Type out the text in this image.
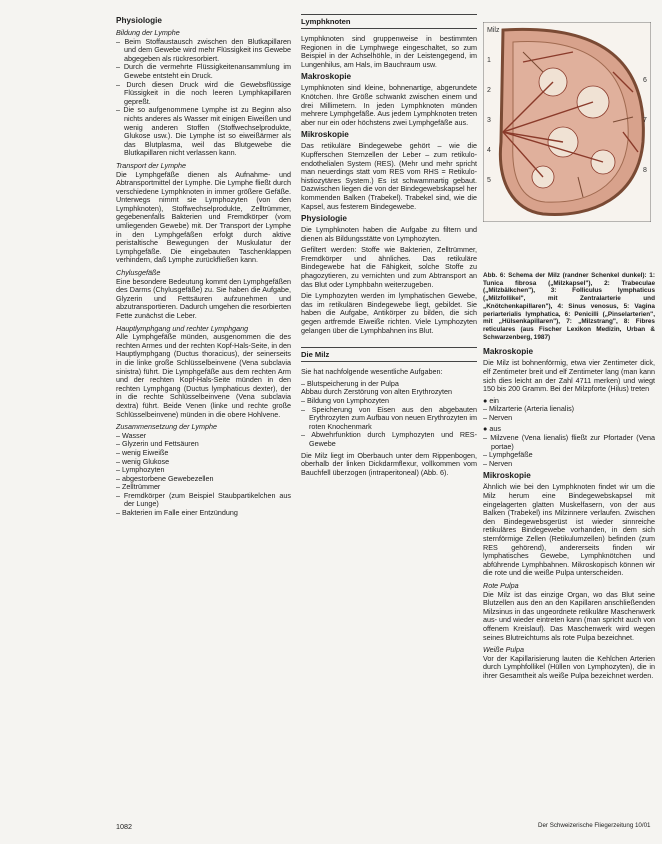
Physiologie
Bildung der Lymphe
– Beim Stoffaustausch zwischen den Blutkapillaren und dem Gewebe wird mehr Flüssigkeit ins Gewebe abgegeben als rückresorbiert.
– Durch die vermehrte Flüssigkeitenansammlung im Gewebe entsteht ein Druck.
– Durch diesen Druck wird die Gewebsflüssige Flüssigkeit in die noch leeren Lymphkapillaren gepreßt.
– Die so aufgenommene Lymphe ist zu Beginn also nichts anderes als Wasser mit einigen Eiweißen und wenig anderen Stoffen (Stoffwechselprodukte, Glukose usw.). Die Lymphe ist so eiweißärmer als das Blutplasma, weil das Blutgewebe die Blutkapillaren nicht verlassen kann.
Transport der Lymphe

Die Lymphgefäße dienen als Aufnahme- und Abtransportmittel der Lymphe. Die Lymphe fließt durch verschiedene Lymphknoten in immer größere Gefäße. Unterwegs nimmt sie Lymphozyten (von den Lymphknoten), Stoffwechselprodukte, Zelltrümmer, gegebenenfalls Bakterien und Fremdkörper (vom umliegenden Gewebe) mit. Der Transport der Lymphe in den Lymphgefäßen erfolgt durch aktive peristaltische Bewegungen der Muskulatur der Lymphgefäße. Die eingebauten Taschenklappen verhindern, daß Lymphe zurückfließen kann.

Chylusgefäße

Eine besondere Bedeutung kommt den Lymphgefäßen des Darms (Chylusgefäße) zu. Sie haben die Aufgabe, Glyzerin und Fettsäuren aufzunehmen und abzutransportieren. Dadurch umgehen die resorbierten Fette zunächst die Leber.

Hauptlymphgang und rechter Lymphgang

Alle Lymphgefäße münden, ausgenommen die des rechten Armes und der rechten Kopf-Hals-Seite, in den Hauptlymphgang (Ductus thoracicus), der seinerseits in die linke große Schlüsselbeinvene (Vena subclavia sinistra) führt. Die Lymphgefäße aus dem rechten Arm und der rechten Kopf-Hals-Seite münden in den rechten Lymphgang (Ductus lymphaticus dexter), der in die rechte Schlüsselbeinvene (Vena subclavia dextra) führt. Beide Venen (linke und rechte große Schlüsselbeinvene) münden in die obere Hohlvene.

Zusammensetzung der Lymphe
– Wasser
– Glyzerin und Fettsäuren
– wenig Eiweiße
– wenig Glukose
– Lymphozyten
– abgestorbene Gewebezellen
– Zelltrümmer
– Fremdkörper (zum Beispiel Staubpartikelchen aus der Lunge)
– Bakterien im Falle einer Entzündung
Lymphknoten

Lymphknoten sind gruppenweise in bestimmten Regionen in die Lymphwege eingeschaltet, so zum Beispiel in der Achselhöhle, in der Leistengegend, im Lungenhilus, am Hals, im Bauchraum usw.

Makroskopie

Lymphknoten sind kleine, bohnenartige, abgerundete Knötchen. Ihre Größe schwankt zwischen einem und drei Millimetern. In jeden Lymphknoten münden mehrere Lymphgefäße. Aus jedem Lymphknoten treten aber nur ein oder höchstens zwei Lymphgefäße aus.

Mikroskopie

Das retikuläre Bindegewebe gehört – wie die Kupfferschen Sternzellen der Leber – zum retikulo-endothelialen System (RES). (Mehr und mehr spricht man neuerdings statt vom RES vom RHS = Retikulo-histiozytäres System.) Es ist schwammartig gebaut. Dazwischen liegen die von der Bindegewebskapsel her kommenden Balken (Trabekel). Trabekel sind, wie die Kapsel, aus festerem Bindegewebe.

Physiologie

Die Lymphknoten haben die Aufgabe zu filtern und dienen als Bildungsstätte von Lymphozyten.

Gefiltert werden: Stoffe wie Bakterien, Zelltrümmer, Fremdkörper und ähnliches. Das retikuläre Bindegewebe hat die Fähigkeit, solche Stoffe zu phagozytieren, zu vernichten und zum Abtransport an das Blut oder Lymphbahn weiterzugeben.

Die Lymphozyten werden im lymphatischen Gewebe, das im retikulären Bindegewebe liegt, gebildet. Sie haben die Aufgabe, Antikörper zu bilden, die sich gegen artfremde Eiweiße richten. Viele Lymphozyten gelangen über die Lymphbahnen ins Blut.

Die Milz

Sie hat nachfolgende wesentliche Aufgaben:

– Blutspeicherung in der Pulpa
Abbau durch Zerstörung von alten Erythrozyten
– Bildung von Lymphozyten
– Speicherung von Eisen aus den abgebauten Erythrozyten zum Aufbau von neuen Erythrozyten im roten Knochenmark
– Abwehrfunktion durch Lymphozyten und RES-Gewebe

Die Milz liegt im Oberbauch unter dem Rippenbogen, oberhalb der linken Dickdarmflexur, vollkommen vom Bauchfell überzogen (intraperitoneal) (Abb. 6).

Milz
1
2
3
4
5
6
7
8

Abb. 6: Schema der Milz (randner Schenkel dunkel): 1: Tunica fibrosa („Milzkapsel"), 2: Trabeculae („Milzbälkchen"), 3: Folliculus lymphaticus („Milzfollikel", mit Zentralarterie und „Knötchenkapillaren"), 4: Sinus venosus, 5: Vagina periarterialis lymphatica, 6: Penicilli („Pinselarterien", mit „Hülsenkapillaren"), 7: „Milzstrang", 8: Fibres reticulares (aus Fischer Lexikon Medizin, Urban & Schwarzenberg, 1987)

Makroskopie

Die Milz ist bohnenförmig, etwa vier Zentimeter dick, elf Zentimeter breit und elf Zentimeter lang (man kann sich dies leicht an der Zahl 4711 merken) und wiegt 150 bis 200 Gramm. Bei der Milzpforte (Hilus) treten

● ein
– Milzarterie (Arteria lienalis)
– Nerven
● aus
– Milzvene (Vena lienalis) fließt zur Pfortader (Vena portae)
– Lymphgefäße
– Nerven
Mikroskopie

Ähnlich wie bei den Lymphknoten findet wir um die Milz herum eine Bindegewebskapsel mit eingelagerten glatten Muskelfasern, von der aus Balken (Trabekel) ins Milzinnere verlaufen. Zwischen den Bindegewebsgerüst ist wieder sinnreiche retikuläres Bindegewebe vorhanden, in dem sich sternförmige Zellen (Retikulumzellen) befinden (zum RES gehörend), andererseits finden wir lymphatisches Gewebe, Lymphknötchen und abführende Lymphbahnen. Mikroskopisch können wir die rote und die weiße Pulpa unterscheiden.

Rote Pulpa

Die Milz ist das einzige Organ, wo das Blut seine Blutzellen aus den an den Kapillaren anschließenden Milzsinus in das ungeordnete retikuläre Maschenwerk aus- und wieder eintreten kann (man spricht auch von offenem Kreislauf). Das Maschenwerk wird wegen seines Blutreichtums als rote Pulpa bezeichnet.

Weiße Pulpa

Vor der Kapillarisierung lauten die Kehlchen Arterien durch Lymphfollikel (Hüllen von Lymphozyten), die in ihrer Gesamtheit als weiße Pulpa bezeichnet werden.

1082	Der Schweizerische Fliegerzeitung 10/01
